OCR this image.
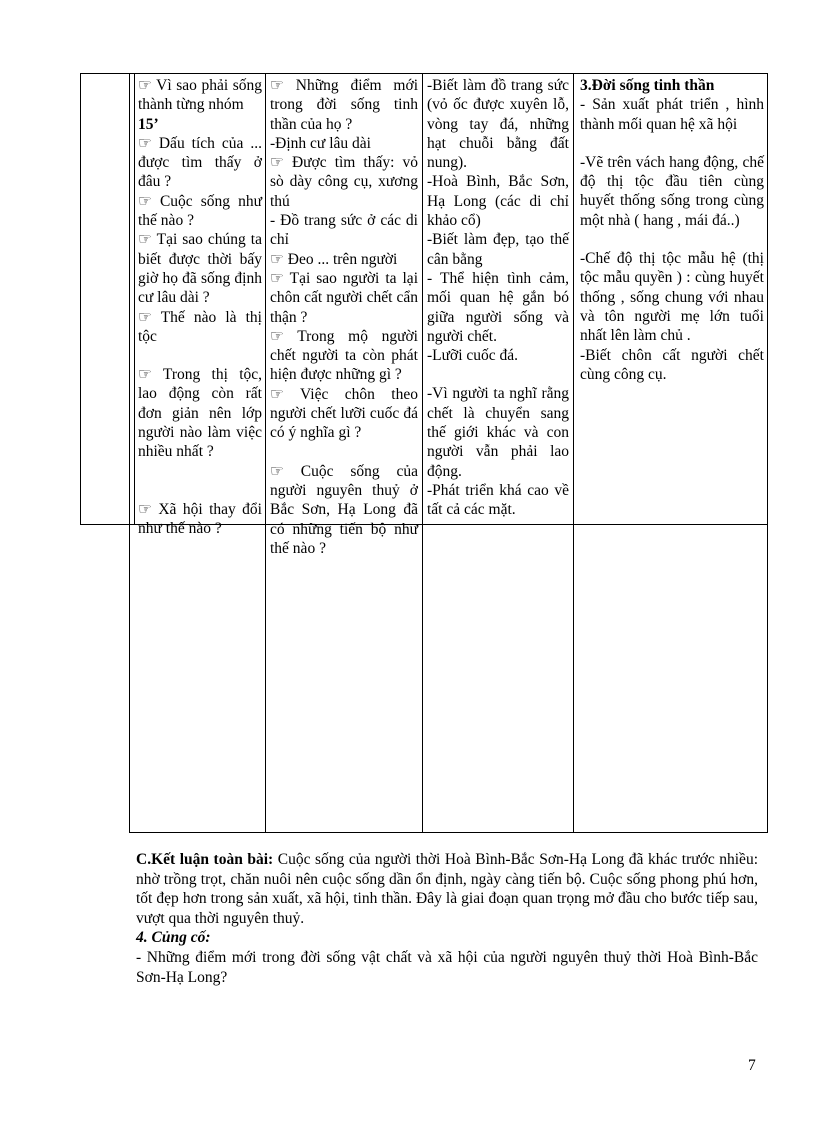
☞ Vì sao phải sống thành từng nhóm

15’

☞ Dấu tích của ... được tìm thấy ở đâu ?

☞ Cuộc sống như thế nào ?

☞ Tại sao chúng ta biết được thời bấy giờ họ đã sống định cư lâu dài ?

☞ Thế nào là thị tộc

☞ Trong thị tộc, lao động còn rất đơn giản nên lớp người nào làm việc nhiều nhất ?

☞ Xã hội thay đổi như thế nào ?

☞ Những điểm mới trong đời sống tinh thần của họ ?

-Định cư lâu dài

☞ Được tìm thấy: vỏ sò dày công cụ, xương thú

- Đồ trang sức ở các di chỉ

☞ Đeo ... trên người

☞ Tại sao người ta lại chôn cất người chết cẩn thận ?

☞ Trong mộ người chết người ta còn phát hiện được những gì ?

☞ Việc chôn theo người chết lưỡi cuốc đá có ý nghĩa gì ?

☞ Cuộc sống của người nguyên thuỷ ở Bắc Sơn, Hạ Long đã có những tiến bộ như thế nào ?

-Biết làm đồ trang sức (vỏ ốc được xuyên lỗ, vòng tay đá, những hạt chuỗi bằng đất nung).

-Hoà Bình, Bắc Sơn, Hạ Long (các di chỉ khảo cổ)

-Biết làm đẹp, tạo thế cân bằng

- Thể hiện tình cảm, mối quan hệ gắn bó giữa người sống và người chết.

-Lưỡi cuốc đá.

-Vì người ta nghĩ rằng chết là chuyển sang thế giới khác và con người vẫn phải lao động.

-Phát triển khá cao về tất cả các mặt.

3.Đời sống tinh thần

- Sản xuất phát triển , hình thành mối quan hệ xã hội

-Vẽ trên vách hang động, chế độ thị tộc đầu tiên cùng huyết thống sống trong cùng một nhà ( hang , mái đá..)

-Chế độ thị tộc mẫu hệ (thị tộc mẫu quyền ) : cùng huyết thống , sống chung với nhau và tôn người mẹ lớn tuổi nhất lên làm chủ .

-Biết chôn cất người chết cùng công cụ.

C.Kết luận toàn bài: Cuộc sống của người thời Hoà Bình-Bắc Sơn-Hạ Long đã khác trước nhiều: nhờ trồng trọt, chăn nuôi nên cuộc sống dần ổn định, ngày càng tiến bộ. Cuộc sống phong phú hơn, tốt đẹp hơn trong sản xuất, xã hội, tinh thần. Đây là giai đoạn quan trọng mở đầu cho bước tiếp sau, vượt qua thời nguyên thuỷ.

4. Củng cố:

- Những điểm mới trong đời sống vật chất và xã hội của người nguyên thuỷ thời Hoà Bình-Bắc Sơn-Hạ Long?

7
